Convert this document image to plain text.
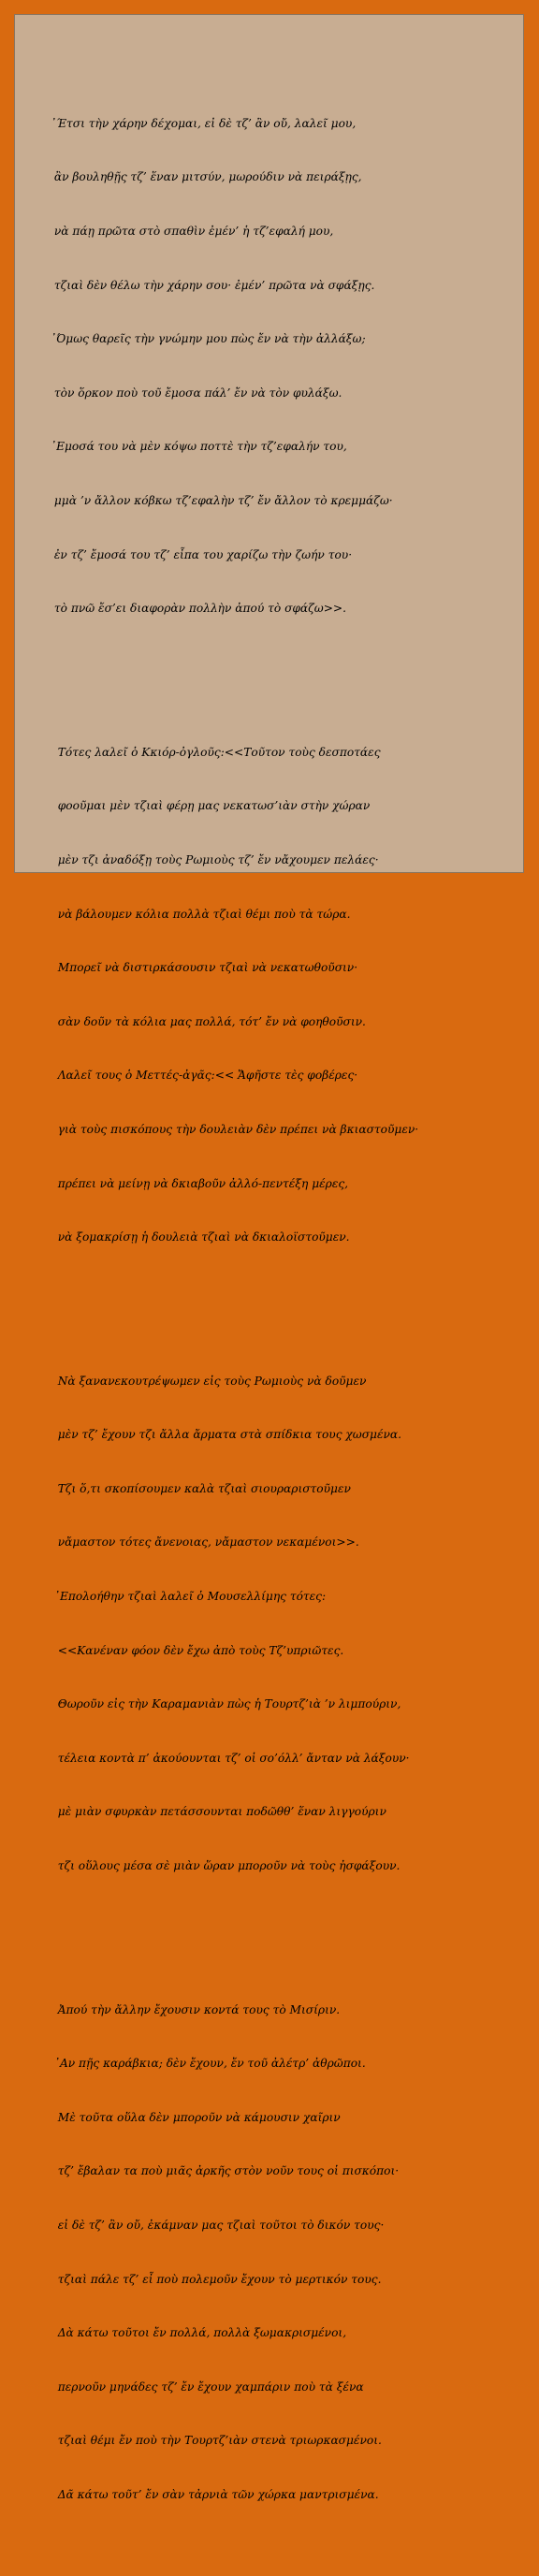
᾿Έτσι τὴν χάρην δέχομαι, εἰ δὲ τζ’ ἂν οὔ, λαλεῖ μου,

ἂν βουληθῇς τζ’ ἕναν μιτσύν, μωρούδιν νὰ πειράξῃς,

νὰ πάῃ πρῶτα στὸ σπαθὶν ἐμέν’ ἡ τζ’εφαλή μου,

τζιαὶ δὲν θέλω τὴν χάρην σου· ἐμέν’ πρῶτα νὰ σφάξῃς.

᾿Όμως θαρεῖς τὴν γνώμην μου πὼς ἔν νὰ τὴν ἀλλάξω;

τὸν ὅρκον ποὺ τοῦ ἔμοσα πάλ’ ἔν νὰ τὸν φυλάξω.

᾿Εμοσά του νὰ μὲν κόψω ποττὲ τὴν τζ’εφαλήν του,

μμὰ ’ν ἄλλον κόβκω τζ’εφαλὴν τζ’ ἔν ἄλλον τὸ κρεμμάζω·

ἐν τζ’ ἔμοσά του τζ’ εἶπα του χαρίζω τὴν ζωήν του·

τὸ πνῶ ἔσ’ει διαφορὰν πολλὴν ἀπού τὸ σφάζω>>.

Τότες λαλεῖ ὁ Κκιόρ-ὀγλοῦς:<<Τοῦτον τοὺς δεσποτάες

φοοῦμαι μὲν τζιαὶ φέρῃ μας νεκατωσ’ιὰν στὴν χώραν

μὲν τζι ἀναδόξῃ τοὺς Ρωμιοὺς τζ’ ἔν νἄχουμεν πελάες·

νὰ βάλουμεν κόλια πολλὰ τζιαὶ θέμι ποὺ τὰ τώρα.

Μπορεῖ νὰ διστιρκάσουσιν τζιαὶ νὰ νεκατωθοῦσιν·

σὰν δοῦν τὰ κόλια μας πολλά, τότ’ ἔν νὰ φοηθοῦσιν.

Λαλεῖ τους ὁ Μεττές-ἀγᾶς:<< Ἄφῆστε τὲς φοβέρες·

γιὰ τοὺς πισκόπους τὴν δουλειὰν δὲν πρέπει νὰ βκιαστοῦμεν·

πρέπει νὰ μείνῃ νὰ δκιαβοῦν ἀλλό-πεντέξη μέρες,

νὰ ξομακρίσῃ ἡ δουλειὰ τζιαὶ νὰ δκιαλοϊστοῦμεν.

Νὰ ξανανεκουτρέψωμεν εἰς τοὺς Ρωμιοὺς νὰ δοῦμεν

μὲν τζ’ ἔχουν τζι ἄλλα ἄρματα στὰ σπίδκια τους χωσμένα.

Τζι ὅ,τι σκοπίσουμεν καλὰ τζιαὶ σιουραριστοῦμεν

νἄμαστον τότες ἄνενοιας, νἄμαστον νεκαμένοι>>.

᾿Επολοήθην τζιαὶ λαλεῖ ὁ Μουσελλίμης τότες:

<<Κανέναν φόον δὲν ἔχω ἀπὸ τοὺς Τζ’υπριῶτες.

Θωροῦν εἰς τὴν Καραμανιὰν πὼς ἡ Τουρτζ’ιὰ ’ν λιμπούριν,

τέλεια κοντὰ π’ ἀκούουνται τζ’ οἱ σο’όλλ’ ἄνταν νὰ λάξουν·

μὲ μιὰν σφυρκὰν πετάσσουνται ποδῶθθ’ ἕναν λιγγούριν

τζι οὕλους μέσα σὲ μιὰν ὥραν μποροῦν νὰ τοὺς ἠσφάξουν.

Ἀπού τὴν ἄλλην ἔχουσιν κοντά τους τὸ Μισίριν.

᾿Αν πῇς καράβκια; δὲν ἔχουν, ἔν τοῦ ἀλέτρ’ ἀθρῶποι.

Μὲ τοῦτα οὕλα δὲν μποροῦν νὰ κάμουσιν χαῖριν

τζ’ ἔβαλαν τα ποὺ μιᾶς ἀρκῆς στὸν νοῦν τους οἱ πισκόποι·

εἰ δὲ τζ’ ἂν οὔ, ἐκάμναν μας τζιαὶ τοῦτοι τὸ δικόν τους·

τζιαὶ πάλε τζ’ εἶ ποὺ πολεμοῦν ἔχουν τὸ μερτικόν τους.

Δὰ κάτω τοῦτοι ἔν πολλά, πολλὰ ξωμακρισμένοι,

περνοῦν μηνάδες τζ’ ἔν ἔχουν χαμπάριν ποὺ τὰ ξένα

τζιαὶ θέμι ἔν ποὺ τὴν Τουρτζ’ιὰν στενὰ τριωρκασμένοι.

Δᾶ κάτω τοῦτ’ ἔν σὰν τἀρνιὰ τῶν χώρκα μαντρισμένα.
